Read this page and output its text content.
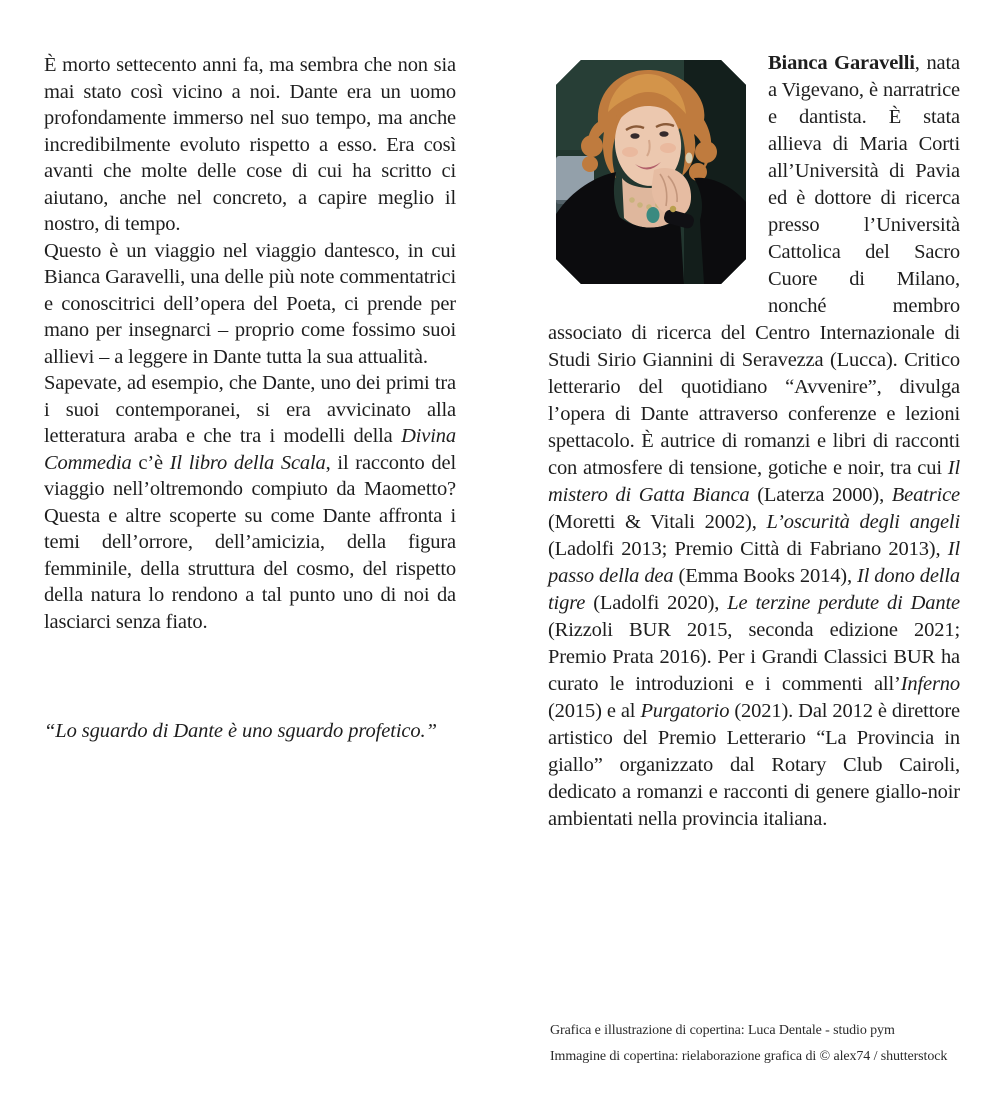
È morto settecento anni fa, ma sembra che non sia mai stato così vicino a noi. Dante era un uomo profondamente immerso nel suo tempo, ma anche incredibilmente evoluto rispetto a esso. Era così avanti che molte delle cose di cui ha scritto ci aiutano, anche nel concreto, a capire meglio il nostro, di tempo.

Questo è un viaggio nel viaggio dantesco, in cui Bianca Garavelli, una delle più note commentatrici e conoscitrici dell’opera del Poeta, ci prende per mano per insegnarci – proprio come fossimo suoi allievi – a leggere in Dante tutta la sua attualità.

Sapevate, ad esempio, che Dante, uno dei primi tra i suoi contemporanei, si era avvicinato alla letteratura araba e che tra i modelli della Divina Commedia c’è Il libro della Scala, il racconto del viaggio nell’oltremondo compiuto da Maometto? Questa e altre scoperte su come Dante affronta i temi dell’orrore, dell’amicizia, della figura femminile, della struttura del cosmo, del rispetto della natura lo rendono a tal punto uno di noi da lasciarci senza fiato.

“Lo sguardo di Dante è uno sguardo profetico.”
Bianca Garavelli, nata a Vigevano, è narratrice e dantista. È stata allieva di Maria Corti all’Università di Pavia ed è dottore di ricerca presso l’Università Cattolica del Sacro Cuore di Milano, nonché membro associato di ricerca del Centro Internazionale di Studi Sirio Giannini di Seravezza (Lucca). Critico letterario del quotidiano “Avvenire”, divulga l’opera di Dante attraverso conferenze e lezioni spettacolo. È autrice di romanzi e libri di racconti con atmosfere di tensione, gotiche e noir, tra cui Il mistero di Gatta Bianca (Laterza 2000), Beatrice (Moretti & Vitali 2002), L’oscurità degli angeli (Ladolfi 2013; Premio Città di Fabriano 2013), Il passo della dea (Emma Books 2014), Il dono della tigre (Ladolfi 2020), Le terzine perdute di Dante (Rizzoli BUR 2015, seconda edizione 2021; Premio Prata 2016). Per i Grandi Classici BUR ha curato le introduzioni e i commenti all’Inferno (2015) e al Purgatorio (2021). Dal 2012 è direttore artistico del Premio Letterario “La Provincia in giallo” organizzato dal Rotary Club Cairoli, dedicato a romanzi e racconti di genere giallo-noir ambientati nella provincia italiana.
Grafica e illustrazione di copertina: Luca Dentale - studio pym
Immagine di copertina: rielaborazione grafica di © alex74 / shutterstock
